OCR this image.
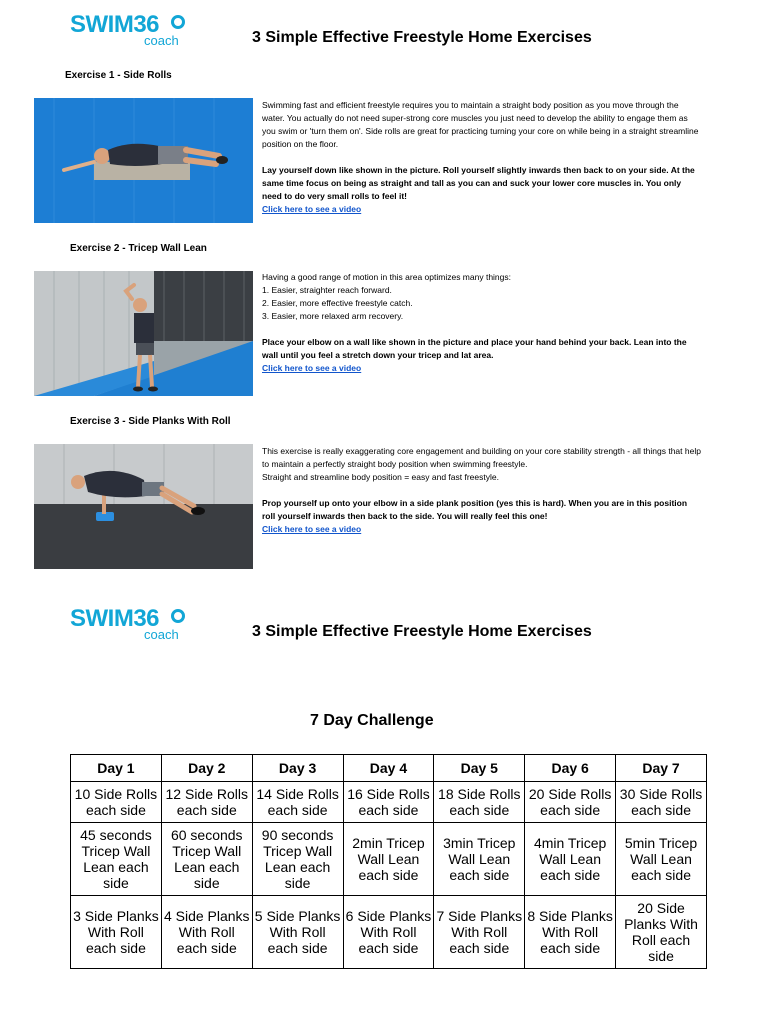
SWIM36
coach	3 Simple Effective Freestyle Home Exercises
Exercise 1 - Side Rolls

Swimming fast and efficient freestyle requires you to maintain a straight body position as you move through the water. You actually do not need super-strong core muscles you just need to develop the ability to engage them as you swim or 'turn them on'. Side rolls are great for practicing turning your core on while being in a straight streamline position on the floor.

Lay yourself down like shown in the picture. Roll yourself slightly inwards then back to on your side. At the same time focus on being as straight and tall as you can and suck your lower core muscles in. You only need to do very small rolls to feel it!

Click here to see a video

Exercise 2 - Tricep Wall Lean

Having a good range of motion in this area optimizes many things:

1. Easier, straighter reach forward.

2. Easier, more effective freestyle catch.

3. Easier, more relaxed arm recovery.

Place your elbow on a wall like shown in the picture and place your hand behind your back. Lean into the wall until you feel a stretch down your tricep and lat area.

Click here to see a video

Exercise 3 - Side Planks With Roll

This exercise is really exaggerating core engagement and building on your core stability strength - all things that help to maintain a perfectly straight body position when swimming freestyle.

Straight and streamline body position = easy and fast freestyle.

Prop yourself up onto your elbow in a side plank position (yes this is hard). When you are in this position roll yourself inwards then back to the side. You will really feel this one!

Click here to see a video

SWIM36
coach	3 Simple Effective Freestyle Home Exercises
7 Day Challenge
Day 1	Day 2	Day 3	Day 4	Day 5	Day 6	Day 7
10 Side Rolls each side	12 Side Rolls each side	14 Side Rolls each side	16 Side Rolls each side	18 Side Rolls each side	20 Side Rolls each side	30 Side Rolls each side
45 seconds Tricep Wall Lean each side	60 seconds Tricep Wall Lean each side	90 seconds Tricep Wall Lean each side	2min Tricep Wall Lean each side	3min Tricep Wall Lean each side	4min Tricep Wall Lean each side	5min Tricep Wall Lean each side
3 Side Planks With Roll each side	4 Side Planks With Roll each side	5 Side Planks With Roll each side	6 Side Planks With Roll each side	7 Side Planks With Roll each side	8 Side Planks With Roll each side	20 Side Planks With Roll each side
